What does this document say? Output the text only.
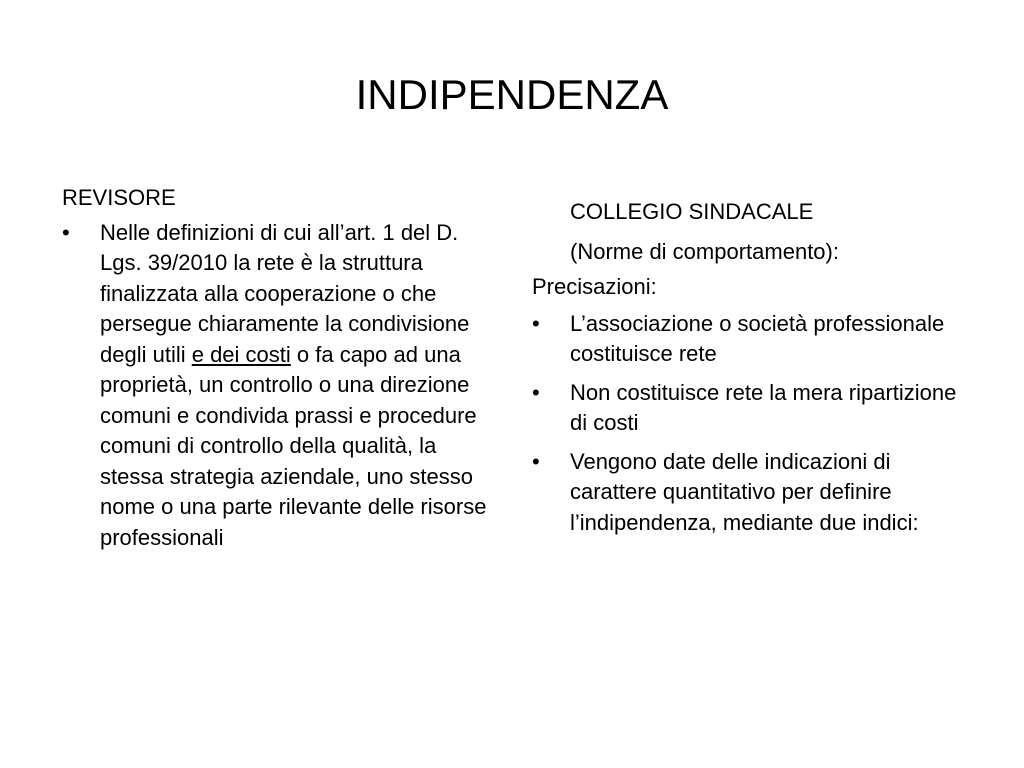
INDIPENDENZA

REVISORE

•	Nelle definizioni di cui all’art. 1 del D. Lgs. 39/2010 la rete è la struttura finalizzata alla cooperazione o che persegue chiaramente la condivisione degli utili e dei costi o fa capo ad una proprietà, un controllo o una direzione comuni e condivida prassi e procedure comuni di controllo della qualità, la stessa strategia aziendale, uno stesso nome o una parte rilevante delle risorse professionali

COLLEGIO SINDACALE

(Norme di comportamento):

Precisazioni:

•	L’associazione o società professionale costituisce rete
•	Non costituisce rete la mera ripartizione di costi
•	Vengono date delle indicazioni di carattere quantitativo per definire l’indipendenza, mediante due indici:
